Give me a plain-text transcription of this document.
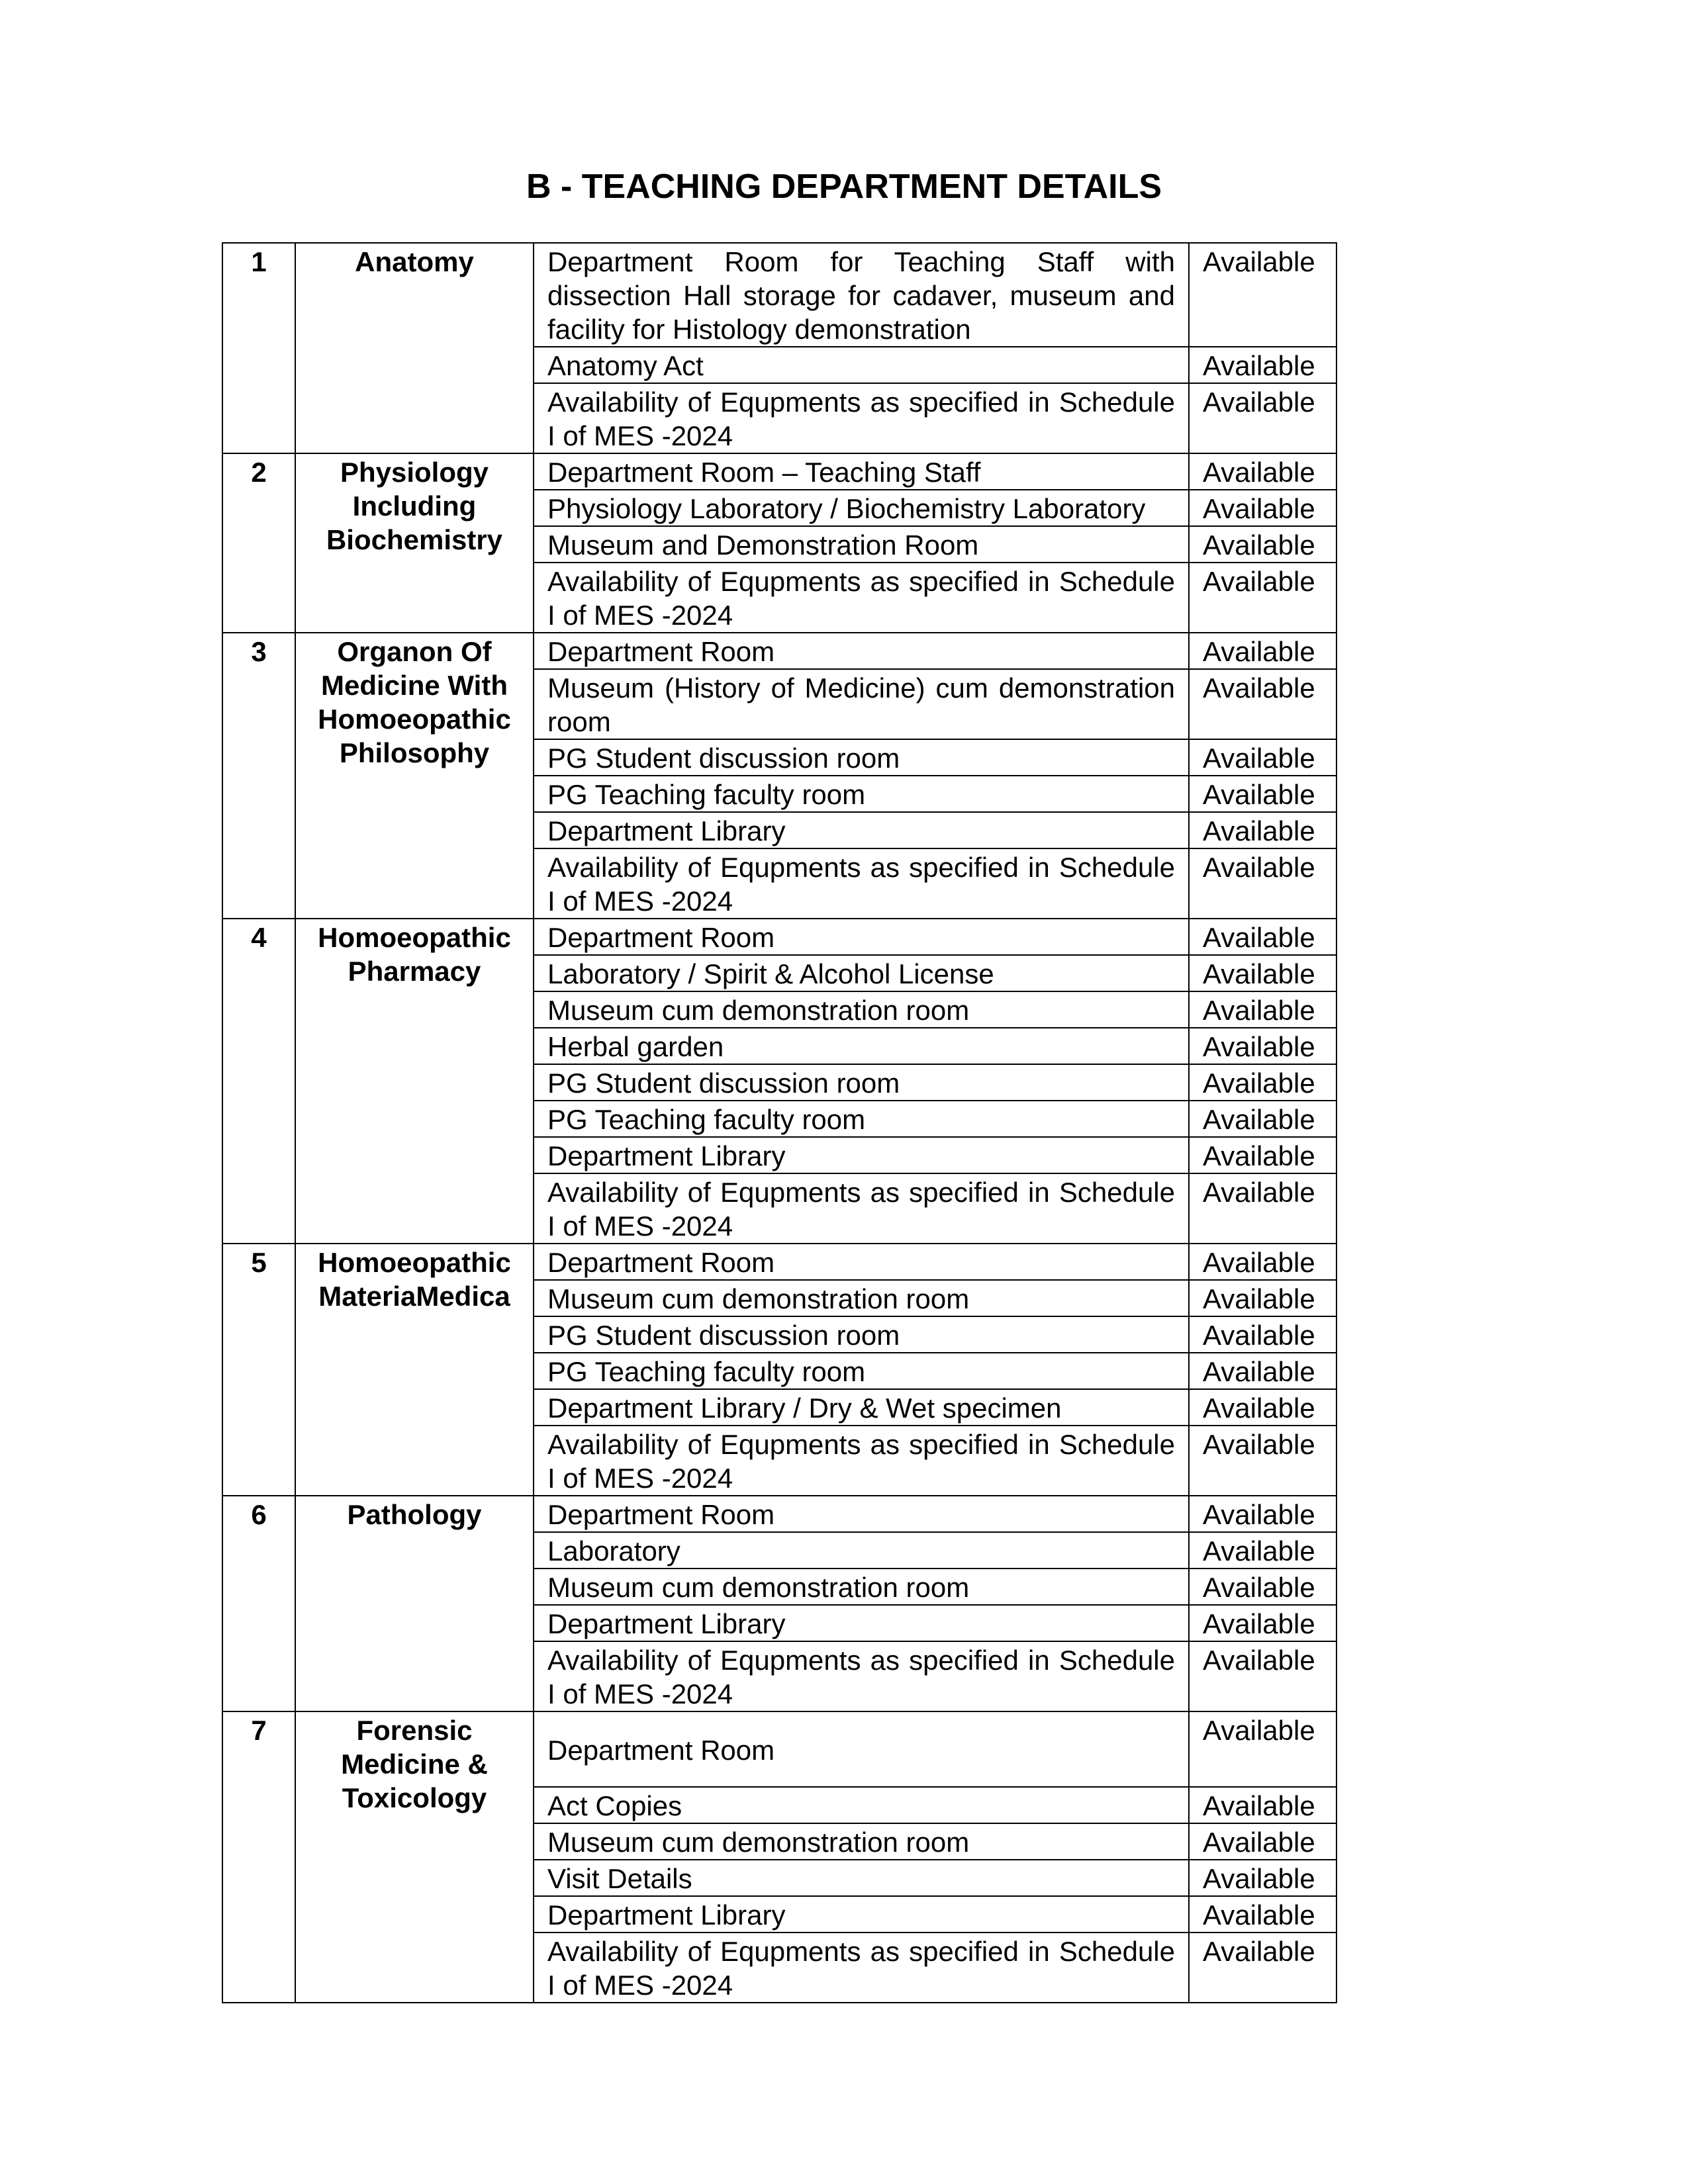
B - TEACHING DEPARTMENT DETAILS
1	Anatomy	Department Room for Teaching Staff with dissection Hall storage for cadaver, museum and facility for Histology demonstration	Available
		Anatomy Act	Available
		Availability of Equpments as specified in Schedule I of MES -2024	Available
2	Physiology Including Biochemistry	Department Room – Teaching Staff	Available
		Physiology Laboratory / Biochemistry Laboratory	Available
		Museum and Demonstration Room	Available
		Availability of Equpments as specified in Schedule I of MES -2024	Available
3	Organon Of Medicine With Homoeopathic Philosophy	Department Room	Available
		Museum (History of Medicine) cum demonstration room	Available
		PG Student discussion room	Available
		PG Teaching faculty room	Available
		Department Library	Available
		Availability of Equpments as specified in Schedule I of MES -2024	Available
4	Homoeopathic Pharmacy	Department Room	Available
		Laboratory / Spirit & Alcohol License	Available
		Museum cum demonstration room	Available
		Herbal garden	Available
		PG Student discussion room	Available
		PG Teaching faculty room	Available
		Department Library	Available
		Availability of Equpments as specified in Schedule I of MES -2024	Available
5	Homoeopathic MateriaMedica	Department Room	Available
		Museum cum demonstration room	Available
		PG Student discussion room	Available
		PG Teaching faculty room	Available
		Department Library / Dry & Wet specimen	Available
		Availability of Equpments as specified in Schedule I of MES -2024	Available
6	Pathology	Department Room	Available
		Laboratory	Available
		Museum cum demonstration room	Available
		Department Library	Available
		Availability of Equpments as specified in Schedule I of MES -2024	Available
7	Forensic Medicine & Toxicology	Department Room	Available
		Act Copies	Available
		Museum cum demonstration room	Available
		Visit Details	Available
		Department Library	Available
		Availability of Equpments as specified in Schedule I of MES -2024	Available
